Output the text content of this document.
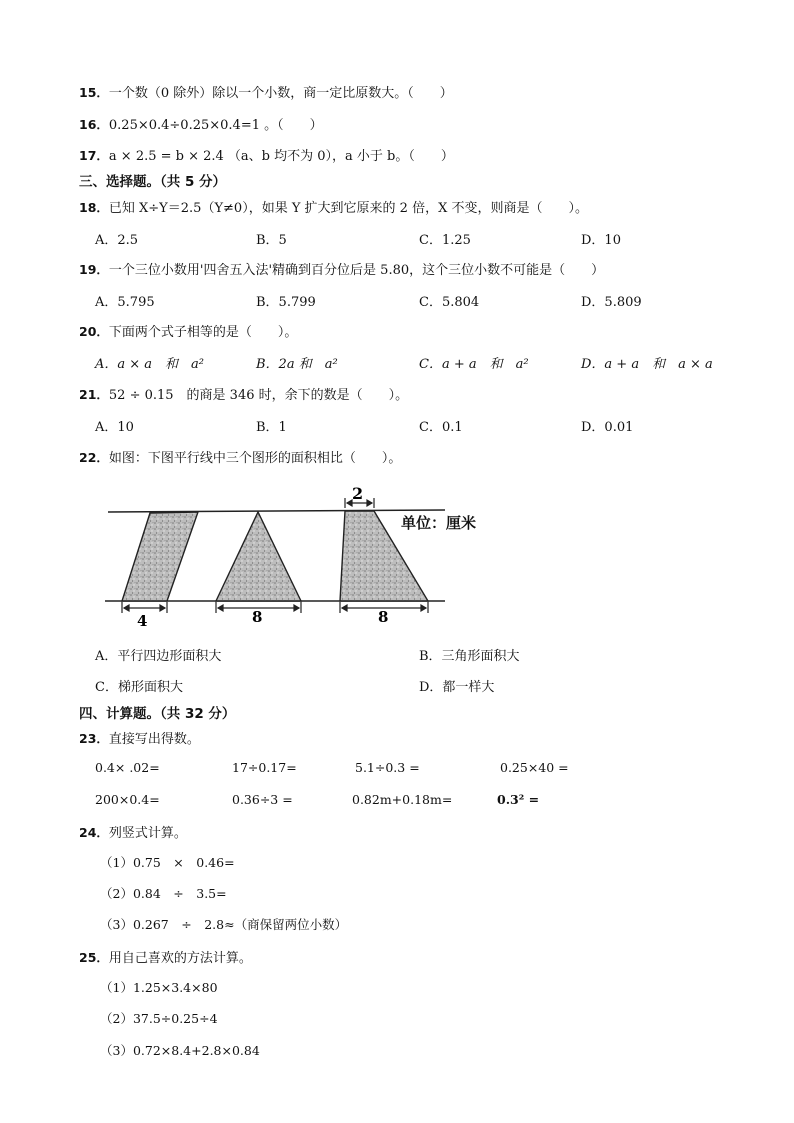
15．一个数（0 除外）除以一个小数，商一定比原数大。（　　）
16．0.25×0.4÷0.25×0.4=1 。（　　）
17．a × 2.5 = b × 2.4 （a、b 均不为 0），a 小于 b。（　　）
三、选择题。（共 5 分）
18．已知 X÷Y＝2.5（Y≠0），如果 Y 扩大到它原来的 2 倍，X 不变，则商是（　　）。
A．2.5	B．5	C．1.25	D．10
19．一个三位小数用'四舍五入法'精确到百分位后是 5.80，这个三位小数不可能是（　　）
A．5.795	B．5.799	C．5.804	D．5.809
20．下面两个式子相等的是（　　）。
A．a × a　和　a²	B．2a 和　a²	C．a + a　和　a²	D．a + a　和　a × a
21．52 ÷ 0.15　的商是 346 时，余下的数是（　　）。
A．10	B．1	C．0.1	D．0.01
22．如图：下图平行线中三个图形的面积相比（　　）。
2
4	8	8
单位：厘米
A．平行四边形面积大	B．三角形面积大
C．梯形面积大	D．都一样大
四、计算题。（共 32 分）
23．直接写出得数。
0.4× .02=	17÷0.17=	5.1÷0.3 =	0.25×40 =
200×0.4=	0.36÷3 =	0.82m+0.18m=	0.3² =
24．列竖式计算。
（1）0.75　×　0.46=
（2）0.84　÷　3.5=
（3）0.267　÷　2.8≈（商保留两位小数）
25．用自己喜欢的方法计算。
（1）1.25×3.4×80
（2）37.5÷0.25÷4
（3）0.72×8.4+2.8×0.84
